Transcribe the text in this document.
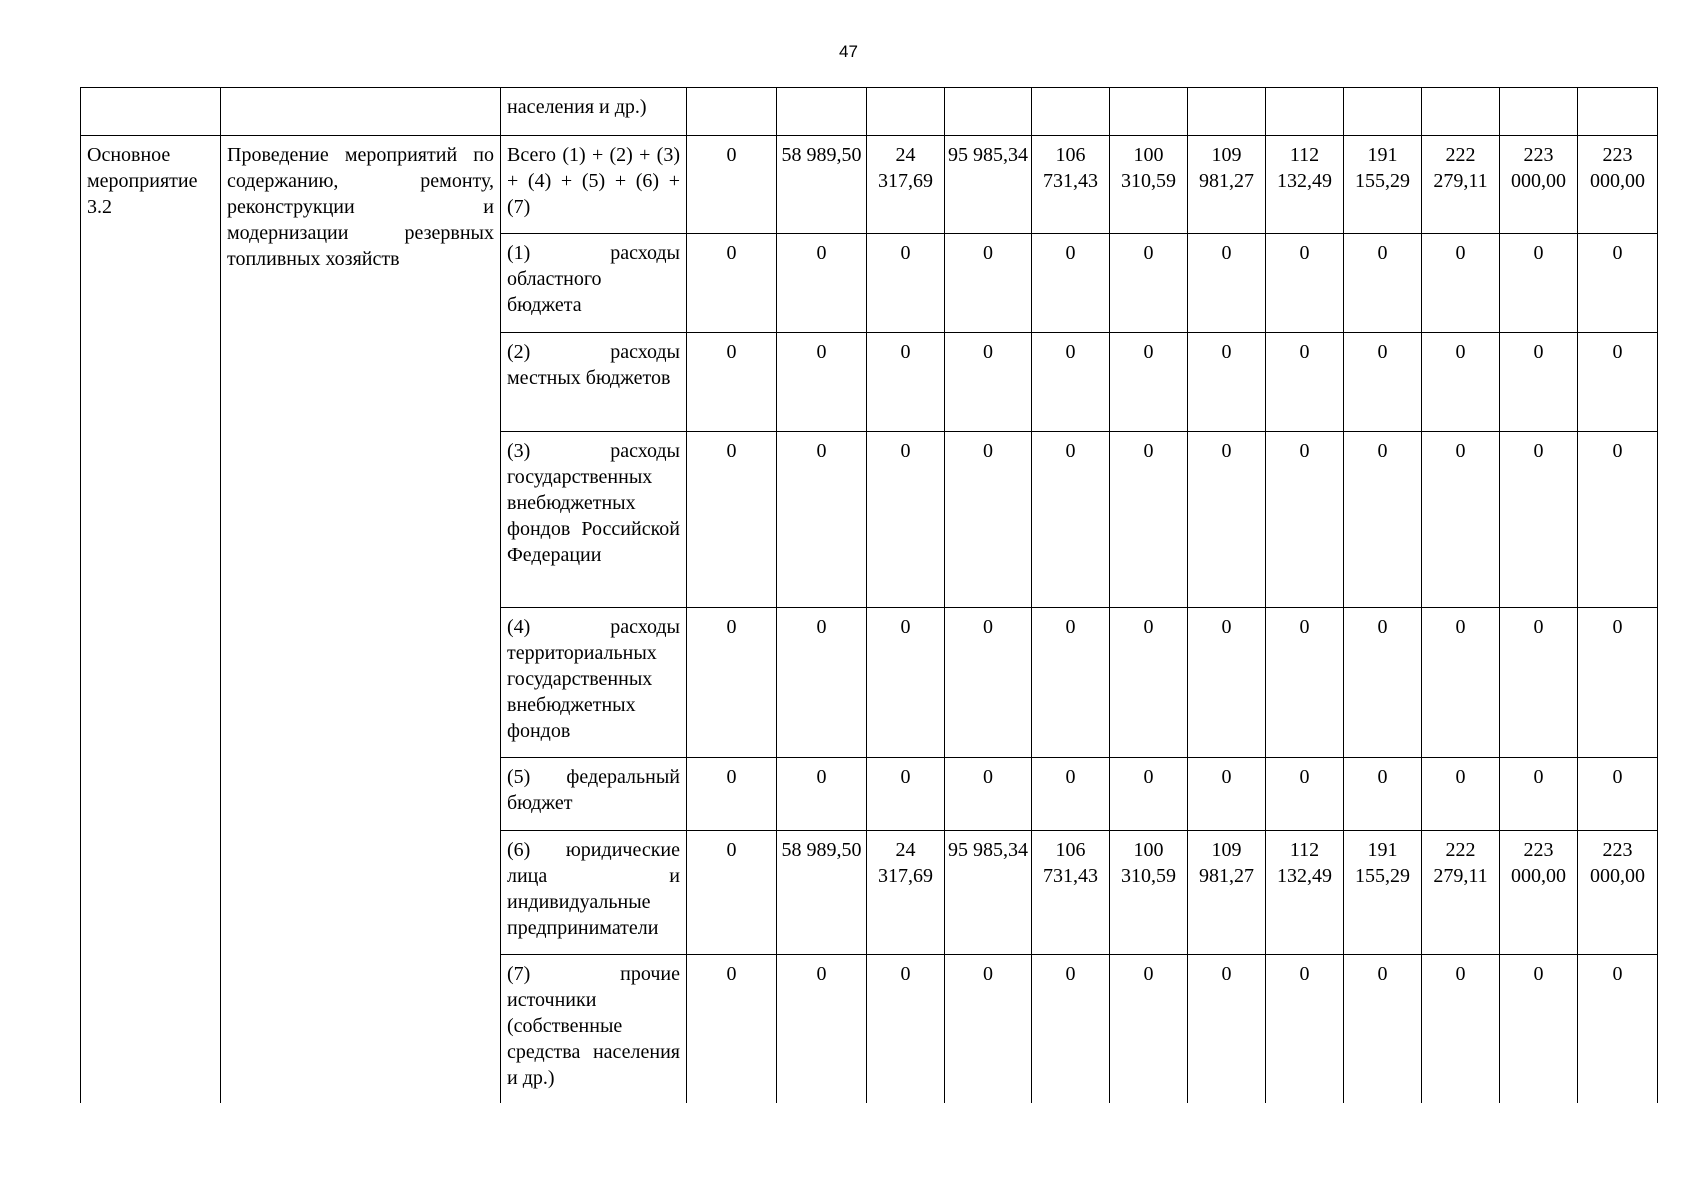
47
		населения и др.)												
Основное мероприятие 3.2	Проведение мероприятий по содержанию, ремонту, реконструкции и модернизации резервных топливных хозяйств	Всего (1) + (2) + (3) + (4) + (5) + (6) + (7)	0	58 989,50	24 317,69	95 985,34	106 731,43	100 310,59	109 981,27	112 132,49	191 155,29	222 279,11	223 000,00	223 000,00
		(1) расходы областного бюджета	0	0	0	0	0	0	0	0	0	0	0	0
		(2) расходы местных бюджетов	0	0	0	0	0	0	0	0	0	0	0	0
		(3) расходы государственных внебюджетных фондов Российской Федерации	0	0	0	0	0	0	0	0	0	0	0	0
		(4) расходы территориальных государственных внебюджетных фондов	0	0	0	0	0	0	0	0	0	0	0	0
		(5) федеральный бюджет	0	0	0	0	0	0	0	0	0	0	0	0
		(6) юридические лица и индивидуальные предприниматели	0	58 989,50	24 317,69	95 985,34	106 731,43	100 310,59	109 981,27	112 132,49	191 155,29	222 279,11	223 000,00	223 000,00
		(7) прочие источники (собственные средства населения и др.)	0	0	0	0	0	0	0	0	0	0	0	0
